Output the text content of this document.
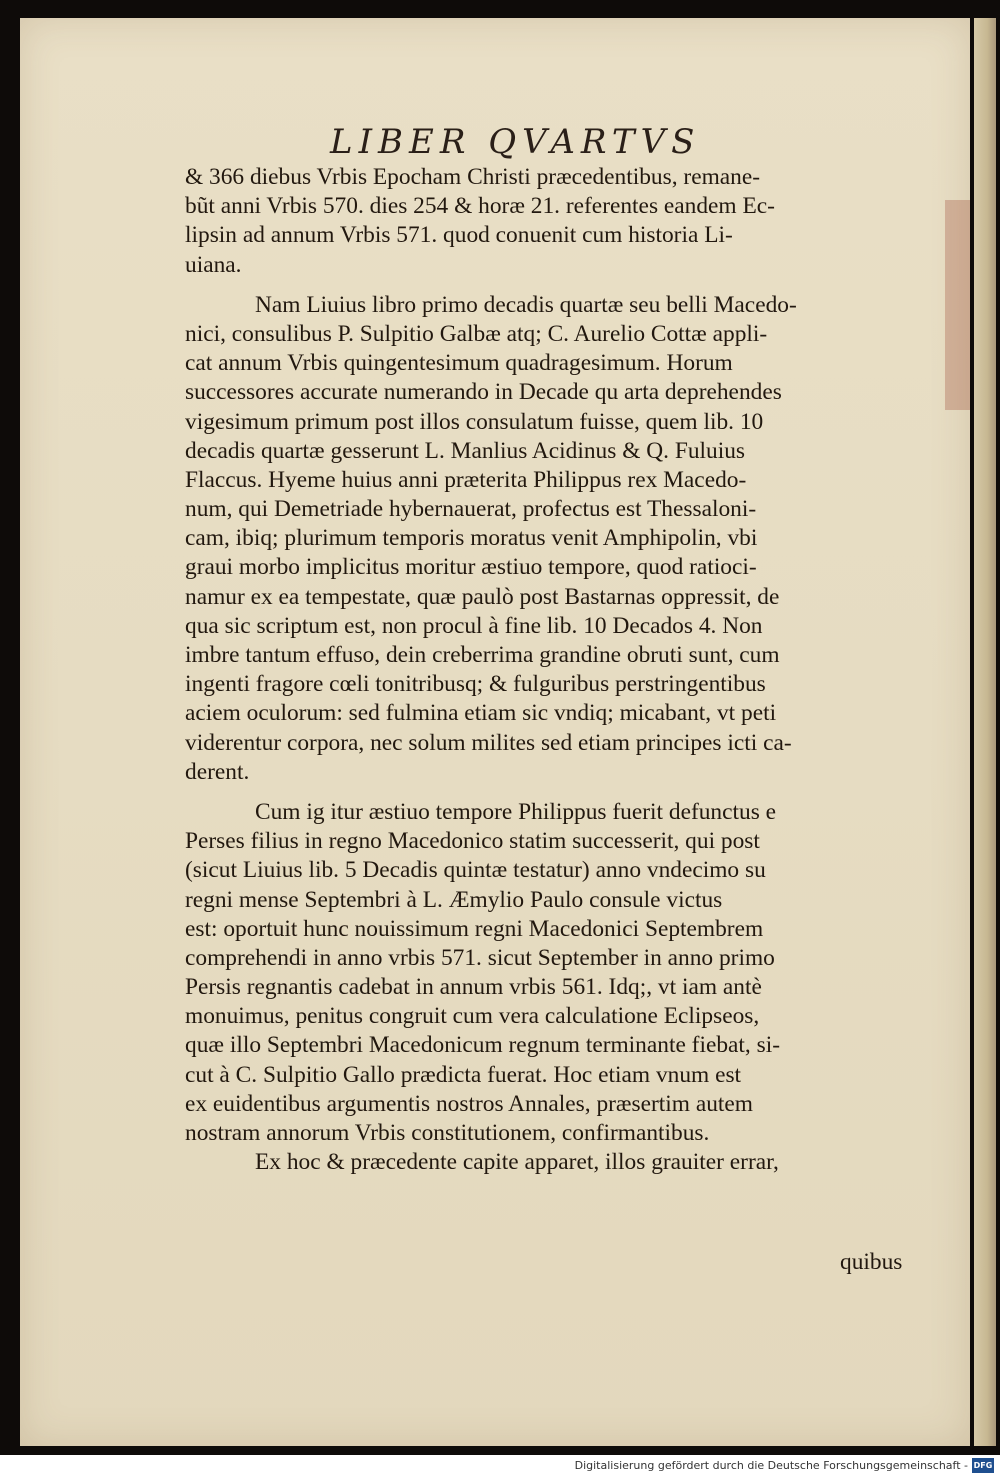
LIBER QVARTVS
& 366 diebus Vrbis Epocham Christi præcedentibus, remane-
bũt anni Vrbis 570. dies 254 & horæ 21. referentes eandem Ec-
lipsin ad annum Vrbis 571. quod conuenit cum historia Li-
uiana.
Nam Liuius libro primo decadis quartæ seu belli Macedo-
nici, consulibus P. Sulpitio Galbæ atq; C. Aurelio Cottæ appli-
cat annum Vrbis quingentesimum quadragesimum. Horum
successores accurate numerando in Decade qu arta deprehendes
vigesimum primum post illos consulatum fuisse, quem lib. 10
decadis quartæ gesserunt L. Manlius Acidinus & Q. Fuluius
Flaccus. Hyeme huius anni præterita Philippus rex Macedo-
num, qui Demetriade hybernauerat, profectus est Thessaloni-
cam, ibiq; plurimum temporis moratus venit Amphipolin, vbi
graui morbo implicitus moritur æstiuo tempore, quod ratioci-
namur ex ea tempestate, quæ paulò post Bastarnas oppressit, de
qua sic scriptum est, non procul à fine lib. 10 Decados 4. Non
imbre tantum effuso, dein creberrima grandine obruti sunt, cum
ingenti fragore cœli tonitribusq; & fulguribus perstringentibus
aciem oculorum: sed fulmina etiam sic vndiq; micabant, vt peti
viderentur corpora, nec solum milites sed etiam principes icti ca-
derent.
Cum ig itur æstiuo tempore Philippus fuerit defunctus e
Perses filius in regno Macedonico statim successerit, qui post
(sicut Liuius lib. 5 Decadis quintæ testatur) anno vndecimo su
regni mense Septembri à L. Æmylio Paulo consule victus
est: oportuit hunc nouissimum regni Macedonici Septembrem
comprehendi in anno vrbis 571. sicut September in anno primo
Persis regnantis cadebat in annum vrbis 561. Idq;, vt iam antè
monuimus, penitus congruit cum vera calculatione Eclipseos,
quæ illo Septembri Macedonicum regnum terminante fiebat, si-
cut à C. Sulpitio Gallo prædicta fuerat. Hoc etiam vnum est
ex euidentibus argumentis nostros Annales, præsertim autem
nostram annorum Vrbis constitutionem, confirmantibus.
Ex hoc & præcedente capite apparet, illos grauiter errar,
quibus
Digitalisierung gefördert durch die Deutsche Forschungsgemeinschaft - DFG
